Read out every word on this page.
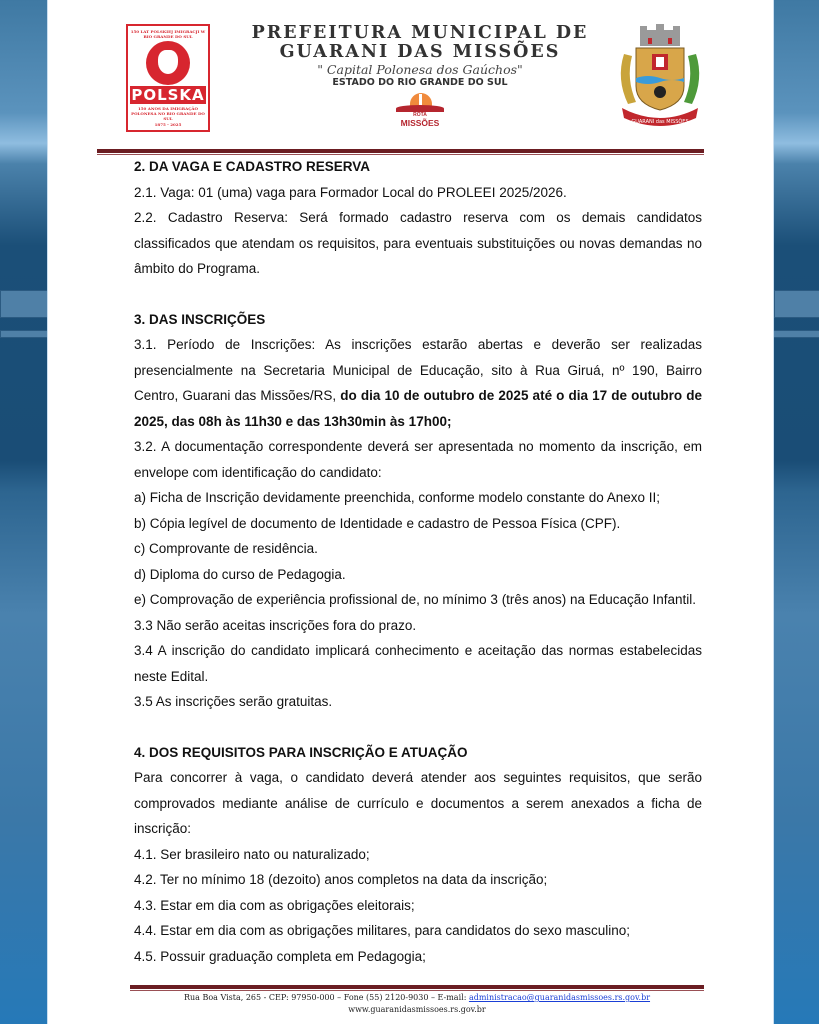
150 LAT POLSKIEJ IMIGRACJI W RIO GRANDE DO SUL
POLSKA
150 ANOS DA IMIGRAÇÃO POLONESA NO RIO GRANDE DO SUL
1875 - 2025
PREFEITURA MUNICIPAL DE
GUARANI DAS MISSÕES
" Capital Polonesa dos Gaúchos"
ESTADO DO RIO GRANDE DO SUL
ROTA
MISSÕES	GUARANI das MISSÕES

2. DA VAGA E CADASTRO RESERVA

2.1. Vaga: 01 (uma) vaga para Formador Local do PROLEEI 2025/2026.

2.2. Cadastro Reserva: Será formado cadastro reserva com os demais candidatos classificados que atendam os requisitos, para eventuais substituições ou novas demandas no âmbito do Programa.

3. DAS INSCRIÇÕES

3.1. Período de Inscrições: As inscrições estarão abertas e deverão ser realizadas presencialmente na Secretaria Municipal de Educação, sito à Rua Giruá, nº 190, Bairro Centro, Guarani das Missões/RS, do dia 10 de outubro de 2025 até o dia 17 de outubro de 2025, das 08h às 11h30 e das 13h30min às 17h00;

3.2. A documentação correspondente deverá ser apresentada no momento da inscrição, em envelope com identificação do candidato:

a) Ficha de Inscrição devidamente preenchida, conforme modelo constante do Anexo II;

b) Cópia legível de documento de Identidade e cadastro de Pessoa Física (CPF).

c) Comprovante de residência.

d) Diploma do curso de Pedagogia.

e) Comprovação de experiência profissional de, no mínimo 3 (três anos) na Educação Infantil.

3.3 Não serão aceitas inscrições fora do prazo.

3.4 A inscrição do candidato implicará conhecimento e aceitação das normas estabelecidas neste Edital.

3.5 As inscrições serão gratuitas.

4. DOS REQUISITOS PARA INSCRIÇÃO E ATUAÇÃO

Para concorrer à vaga, o candidato deverá atender aos seguintes requisitos, que serão comprovados mediante análise de currículo e documentos a serem anexados a ficha de inscrição:

4.1. Ser brasileiro nato ou naturalizado;

4.2. Ter no mínimo 18 (dezoito) anos completos na data da inscrição;

4.3. Estar em dia com as obrigações eleitorais;

4.4. Estar em dia com as obrigações militares, para candidatos do sexo masculino;

4.5. Possuir graduação completa em Pedagogia;

Rua Boa Vista, 265 - CEP: 97950-000 – Fone (55) 2120-9030 – E-mail: administracao@guaranidasmissoes.rs.gov.br
www.guaranidasmissoes.rs.gov.br
